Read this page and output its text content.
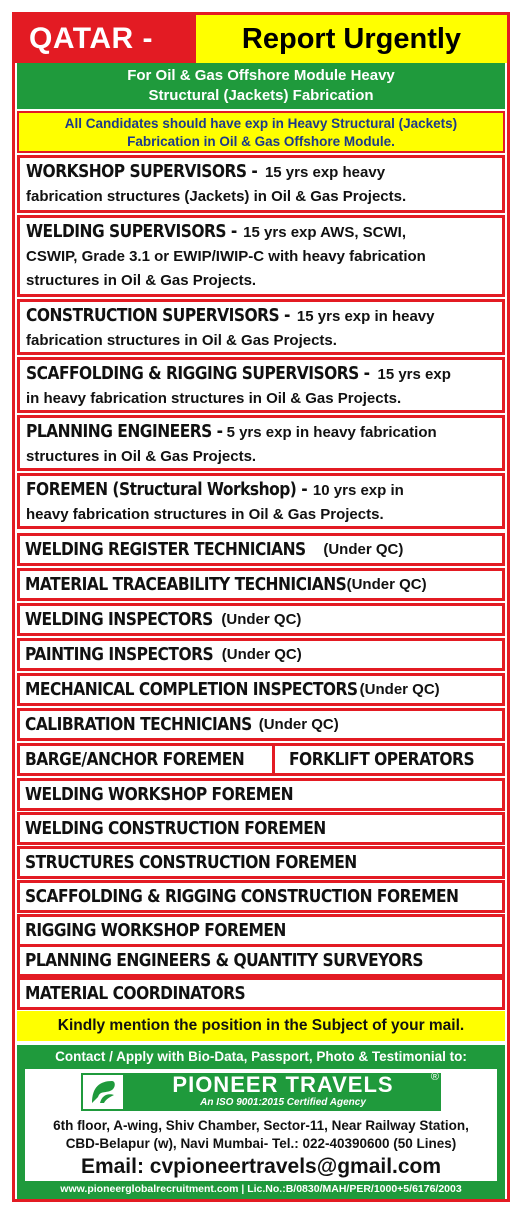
QATAR -	Report Urgently
For Oil & Gas Offshore Module Heavy
Structural (Jackets) Fabrication
All Candidates should have exp in Heavy Structural (Jackets)
Fabrication in Oil & Gas Offshore Module.
WORKSHOP SUPERVISORS - 15 yrs exp heavy
fabrication structures (Jackets) in Oil & Gas Projects.
WELDING SUPERVISORS - 15 yrs exp AWS, SCWI,
CSWIP, Grade 3.1 or EWIP/IWIP-C with heavy fabrication structures in Oil & Gas Projects.
CONSTRUCTION SUPERVISORS - 15 yrs exp in heavy
fabrication structures in Oil & Gas Projects.
SCAFFOLDING & RIGGING SUPERVISORS - 15 yrs exp
in heavy fabrication structures in Oil & Gas Projects.
PLANNING ENGINEERS - 5 yrs exp in heavy fabrication
structures in Oil & Gas Projects.
FOREMEN (Structural Workshop) - 10 yrs exp in
heavy fabrication structures in Oil & Gas Projects.
WELDING REGISTER TECHNICIANS (Under QC)
MATERIAL TRACEABILITY TECHNICIANS (Under QC)
WELDING INSPECTORS (Under QC)
PAINTING INSPECTORS (Under QC)
MECHANICAL COMPLETION INSPECTORS (Under QC)
CALIBRATION TECHNICIANS (Under QC)
BARGE/ANCHOR FOREMEN FORKLIFT OPERATORS
WELDING WORKSHOP FOREMEN
WELDING CONSTRUCTION FOREMEN
STRUCTURES CONSTRUCTION FOREMEN
SCAFFOLDING & RIGGING CONSTRUCTION FOREMEN
RIGGING WORKSHOP FOREMEN
PLANNING ENGINEERS & QUANTITY SURVEYORS
MATERIAL COORDINATORS
Kindly mention the position in the Subject of your mail.
Contact / Apply with Bio-Data, Passport, Photo & Testimonial to:
PIONEER TRAVELS
An ISO 9001:2015 Certified Agency
®
6th floor, A-wing, Shiv Chamber, Sector-11, Near Railway Station,
CBD-Belapur (w), Navi Mumbai- Tel.: 022-40390600 (50 Lines)
Email: cvpioneertravels@gmail.com
www.pioneerglobalrecruitment.com | Lic.No.:B/0830/MAH/PER/1000+5/6176/2003
